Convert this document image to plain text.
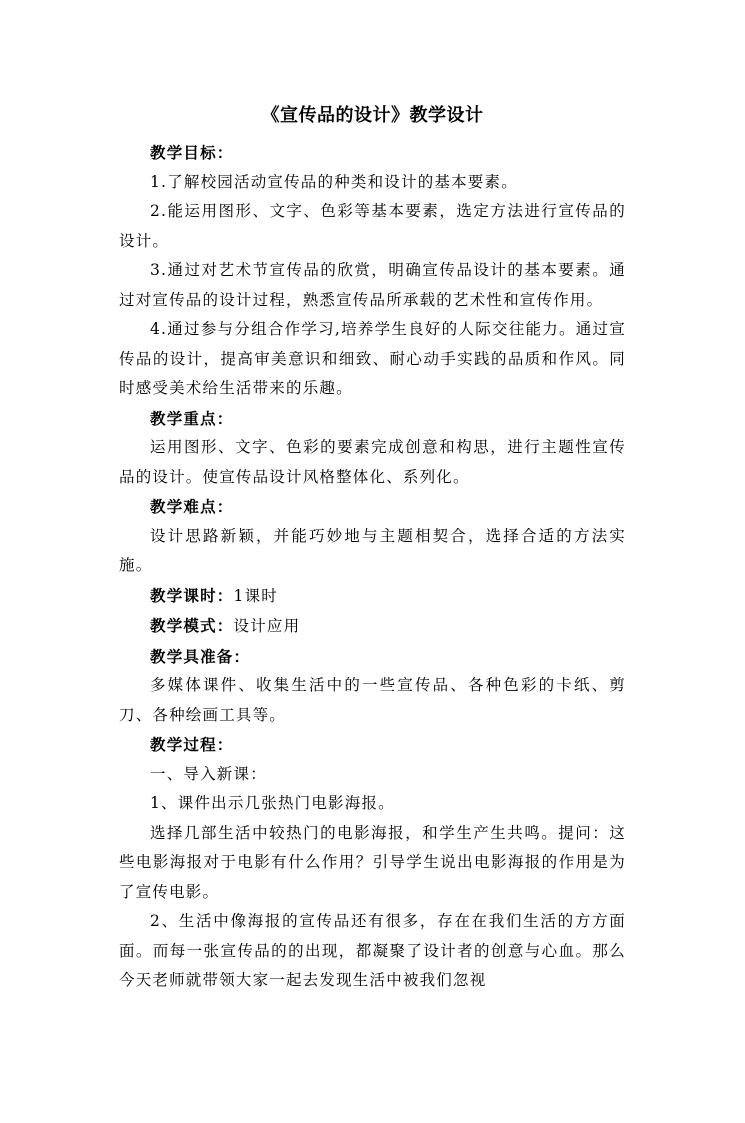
《宣传品的设计》教学设计

教学目标：

1.了解校园活动宣传品的种类和设计的基本要素。

2.能运用图形、文字、色彩等基本要素，选定方法进行宣传品的设计。

3.通过对艺术节宣传品的欣赏，明确宣传品设计的基本要素。通过对宣传品的设计过程，熟悉宣传品所承载的艺术性和宣传作用。

4.通过参与分组合作学习,培养学生良好的人际交往能力。通过宣传品的设计，提高审美意识和细致、耐心动手实践的品质和作风。同时感受美术给生活带来的乐趣。

教学重点：

运用图形、文字、色彩的要素完成创意和构思，进行主题性宣传品的设计。使宣传品设计风格整体化、系列化。

教学难点：

设计思路新颖，并能巧妙地与主题相契合，选择合适的方法实施。

教学课时：1课时

教学模式：设计应用

教学具准备：

多媒体课件、收集生活中的一些宣传品、各种色彩的卡纸、剪刀、各种绘画工具等。

教学过程：

一、导入新课：

1、课件出示几张热门电影海报。

选择几部生活中较热门的电影海报，和学生产生共鸣。提问：这些电影海报对于电影有什么作用？引导学生说出电影海报的作用是为了宣传电影。

2、生活中像海报的宣传品还有很多，存在在我们生活的方方面面。而每一张宣传品的的出现，都凝聚了设计者的创意与心血。那么今天老师就带领大家一起去发现生活中被我们忽视
